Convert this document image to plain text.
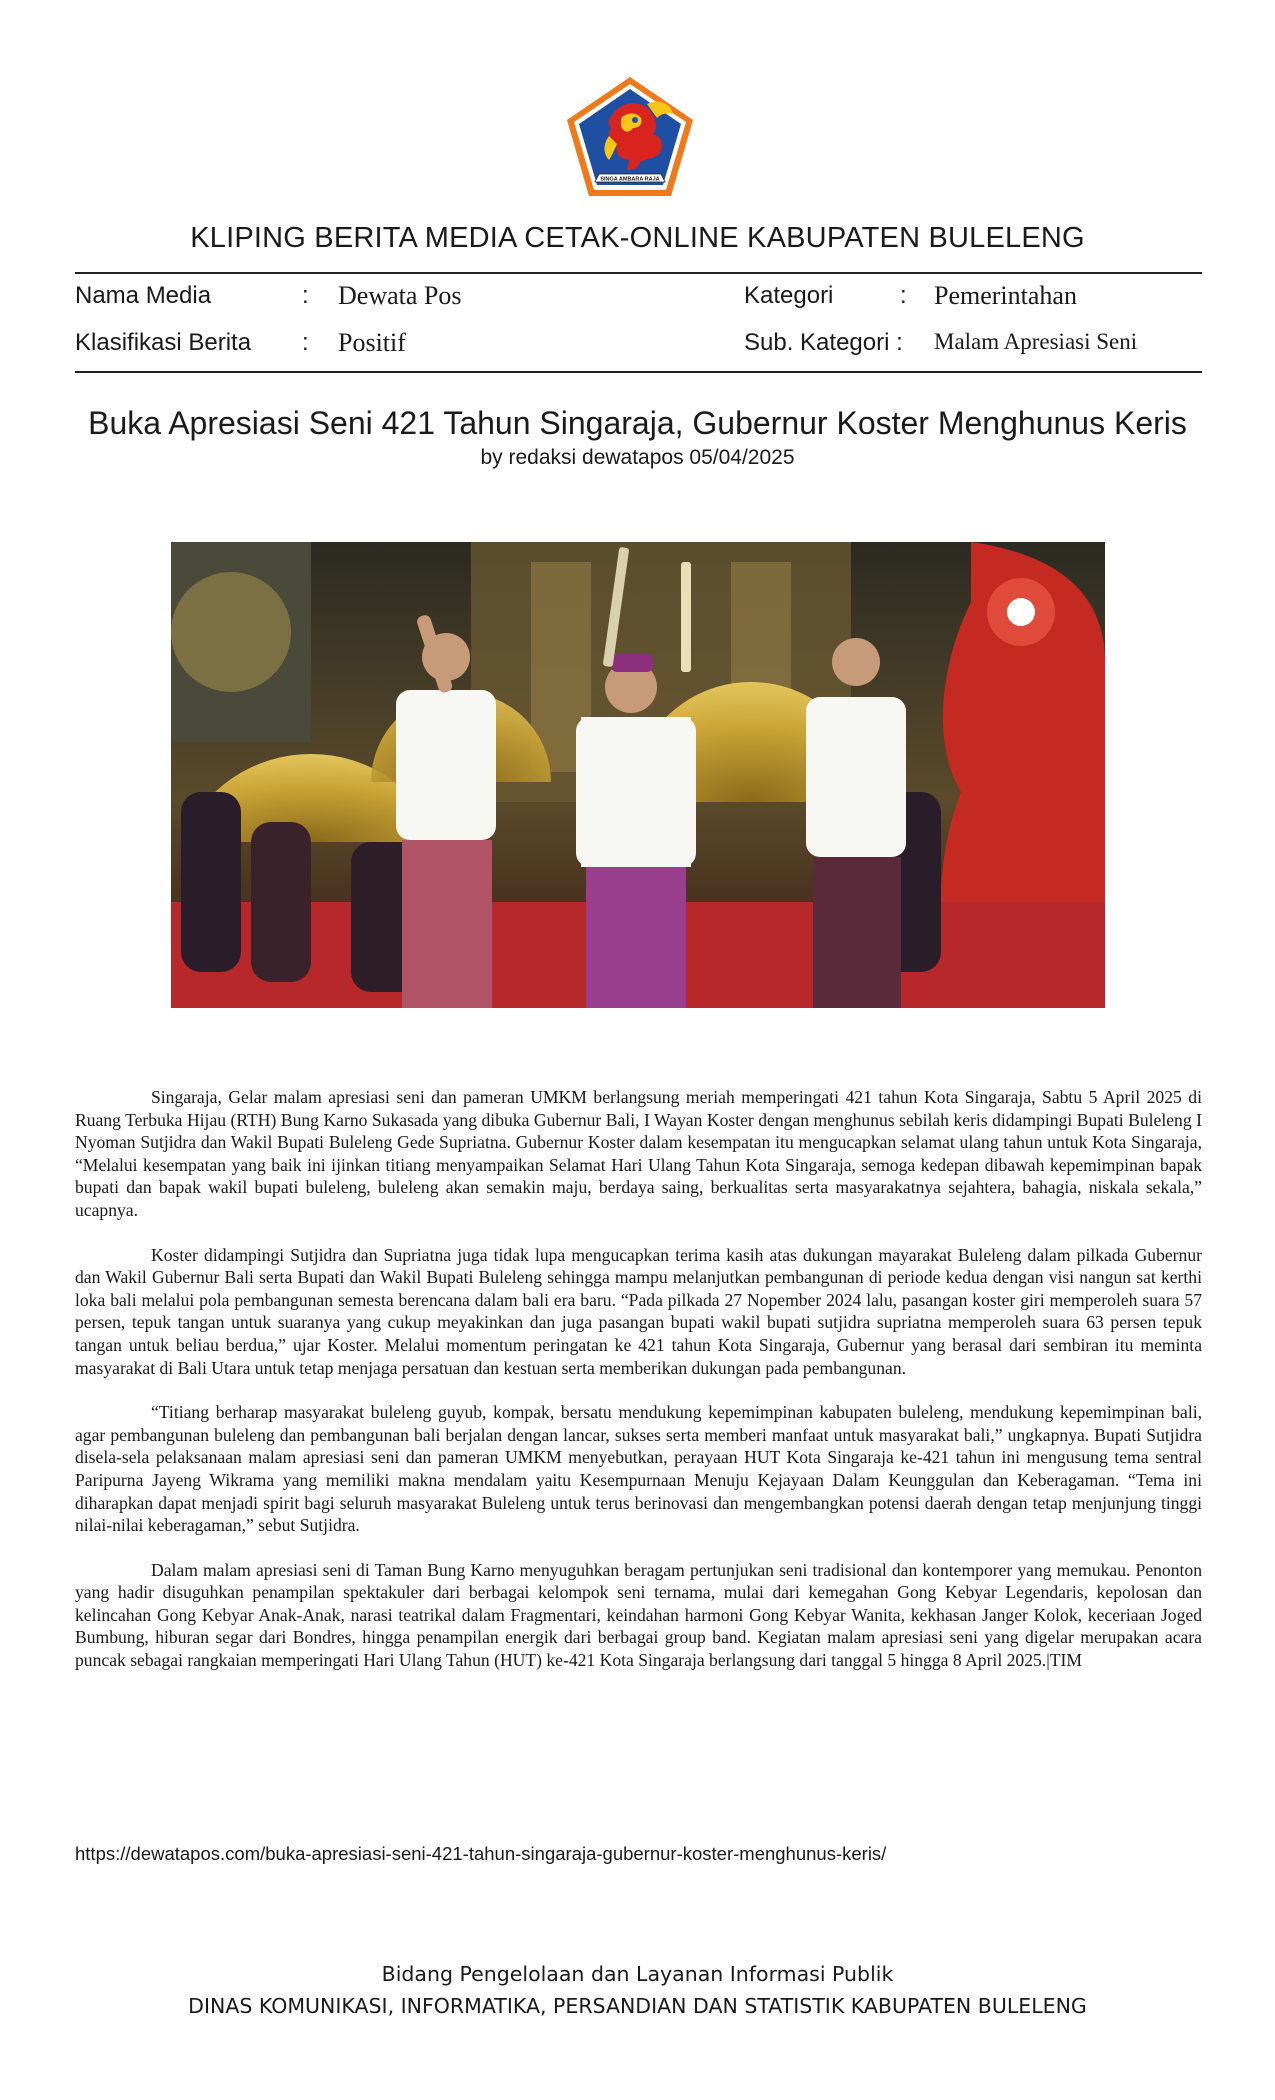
SINGA AMBARA RAJA
KLIPING BERITA MEDIA CETAK-ONLINE KABUPATEN BULELENG
Nama Media	: Dewata Pos	Kategori	: Pemerintahan
Klasifikasi Berita : Positif	Sub. Kategori : Malam Apresiasi Seni
Buka Apresiasi Seni 421 Tahun Singaraja, Gubernur Koster Menghunus Keris
by redaksi dewatapos 05/04/2025

Singaraja, Gelar malam apresiasi seni dan pameran UMKM berlangsung meriah memperingati 421 tahun Kota Singaraja, Sabtu 5 April 2025 di Ruang Terbuka Hijau (RTH) Bung Karno Sukasada yang dibuka Gubernur Bali, I Wayan Koster dengan menghunus sebilah keris didampingi Bupati Buleleng I Nyoman Sutjidra dan Wakil Bupati Buleleng Gede Supriatna. Gubernur Koster dalam kesempatan itu mengucapkan selamat ulang tahun untuk Kota Singaraja, “Melalui kesempatan yang baik ini ijinkan titiang menyampaikan Selamat Hari Ulang Tahun Kota Singaraja, semoga kedepan dibawah kepemimpinan bapak bupati dan bapak wakil bupati buleleng, buleleng akan semakin maju, berdaya saing, berkualitas serta masyarakatnya sejahtera, bahagia, niskala sekala,” ucapnya.

Koster didampingi Sutjidra dan Supriatna juga tidak lupa mengucapkan terima kasih atas dukungan mayarakat Buleleng dalam pilkada Gubernur dan Wakil Gubernur Bali serta Bupati dan Wakil Bupati Buleleng sehingga mampu melanjutkan pembangunan di periode kedua dengan visi nangun sat kerthi loka bali melalui pola pembangunan semesta berencana dalam bali era baru. “Pada pilkada 27 Nopember 2024 lalu, pasangan koster giri memperoleh suara 57 persen, tepuk tangan untuk suaranya yang cukup meyakinkan dan juga pasangan bupati wakil bupati sutjidra supriatna memperoleh suara 63 persen tepuk tangan untuk beliau berdua,” ujar Koster. Melalui momentum peringatan ke 421 tahun Kota Singaraja, Gubernur yang berasal dari sembiran itu meminta masyarakat di Bali Utara untuk tetap menjaga persatuan dan kestuan serta memberikan dukungan pada pembangunan.

“Titiang berharap masyarakat buleleng guyub, kompak, bersatu mendukung kepemimpinan kabupaten buleleng, mendukung kepemimpinan bali, agar pembangunan buleleng dan pembangunan bali berjalan dengan lancar, sukses serta memberi manfaat untuk masyarakat bali,” ungkapnya. Bupati Sutjidra disela-sela pelaksanaan malam apresiasi seni dan pameran UMKM menyebutkan, perayaan HUT Kota Singaraja ke-421 tahun ini mengusung tema sentral Paripurna Jayeng Wikrama yang memiliki makna mendalam yaitu Kesempurnaan Menuju Kejayaan Dalam Keunggulan dan Keberagaman. “Tema ini diharapkan dapat menjadi spirit bagi seluruh masyarakat Buleleng untuk terus berinovasi dan mengembangkan potensi daerah dengan tetap menjunjung tinggi nilai-nilai keberagaman,” sebut Sutjidra.

Dalam malam apresiasi seni di Taman Bung Karno menyuguhkan beragam pertunjukan seni tradisional dan kontemporer yang memukau. Penonton yang hadir disuguhkan penampilan spektakuler dari berbagai kelompok seni ternama, mulai dari kemegahan Gong Kebyar Legendaris, kepolosan dan kelincahan Gong Kebyar Anak-Anak, narasi teatrikal dalam Fragmentari, keindahan harmoni Gong Kebyar Wanita, kekhasan Janger Kolok, keceriaan Joged Bumbung, hiburan segar dari Bondres, hingga penampilan energik dari berbagai group band. Kegiatan malam apresiasi seni yang digelar merupakan acara puncak sebagai rangkaian memperingati Hari Ulang Tahun (HUT) ke-421 Kota Singaraja berlangsung dari tanggal 5 hingga 8 April 2025.|TIM

https://dewatapos.com/buka-apresiasi-seni-421-tahun-singaraja-gubernur-koster-menghunus-keris/
Bidang Pengelolaan dan Layanan Informasi Publik
DINAS KOMUNIKASI, INFORMATIKA, PERSANDIAN DAN STATISTIK KABUPATEN BULELENG
